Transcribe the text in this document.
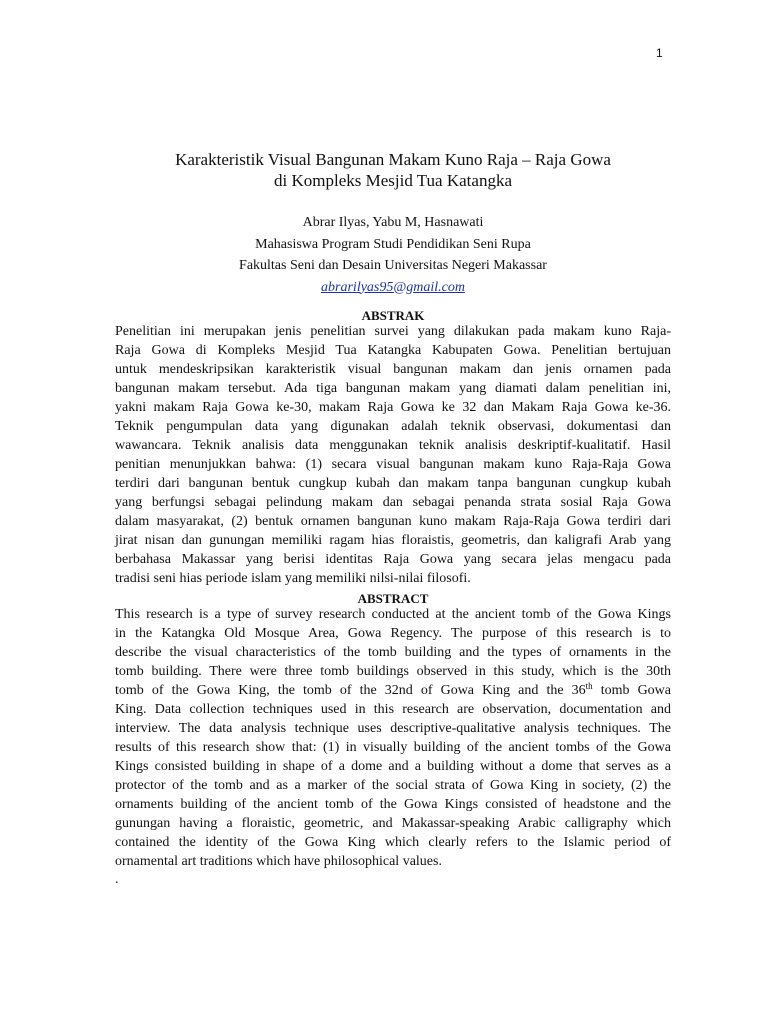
1
Karakteristik Visual Bangunan Makam Kuno Raja – Raja Gowa
di Kompleks Mesjid Tua Katangka
Abrar Ilyas, Yabu M, Hasnawati
Mahasiswa Program Studi Pendidikan Seni Rupa
Fakultas Seni dan Desain Universitas Negeri Makassar
abrarilyas95@gmail.com
ABSTRAK
Penelitian ini merupakan jenis penelitian survei yang dilakukan pada makam kuno Raja-
Raja Gowa di Kompleks Mesjid Tua Katangka Kabupaten Gowa. Penelitian bertujuan
untuk mendeskripsikan karakteristik visual bangunan makam dan jenis ornamen pada
bangunan makam tersebut. Ada tiga bangunan makam yang diamati dalam penelitian ini,
yakni makam Raja Gowa ke-30, makam Raja Gowa ke 32 dan Makam Raja Gowa ke-36.
Teknik pengumpulan data yang digunakan adalah teknik observasi, dokumentasi dan
wawancara. Teknik analisis data menggunakan teknik analisis deskriptif-kualitatif. Hasil
penitian menunjukkan bahwa: (1) secara visual bangunan makam kuno Raja-Raja Gowa
terdiri dari bangunan bentuk cungkup kubah dan makam tanpa bangunan cungkup kubah
yang berfungsi sebagai pelindung makam dan sebagai penanda strata sosial Raja Gowa
dalam masyarakat, (2) bentuk ornamen bangunan kuno makam Raja-Raja Gowa terdiri dari
jirat nisan dan gunungan memiliki ragam hias floraistis, geometris, dan kaligrafi Arab yang
berbahasa Makassar yang berisi identitas Raja Gowa yang secara jelas mengacu pada
tradisi seni hias periode islam yang memiliki nilsi-nilai filosofi.
ABSTRACT
This research is a type of survey research conducted at the ancient tomb of the Gowa Kings
in the Katangka Old Mosque Area, Gowa Regency. The purpose of this research is to
describe the visual characteristics of the tomb building and the types of ornaments in the
tomb building. There were three tomb buildings observed in this study, which is the 30th
tomb of the Gowa King, the tomb of the 32nd of Gowa King and the 36th tomb Gowa
King. Data collection techniques used in this research are observation, documentation and
interview. The data analysis technique uses descriptive-qualitative analysis techniques. The
results of this research show that: (1) in visually building of the ancient tombs of the Gowa
Kings consisted building in shape of a dome and a building without a dome that serves as a
protector of the tomb and as a marker of the social strata of Gowa King in society, (2) the
ornaments building of the ancient tomb of the Gowa Kings consisted of headstone and the
gunungan having a floraistic, geometric, and Makassar-speaking Arabic calligraphy which
contained the identity of the Gowa King which clearly refers to the Islamic period of
ornamental art traditions which have philosophical values.
.
